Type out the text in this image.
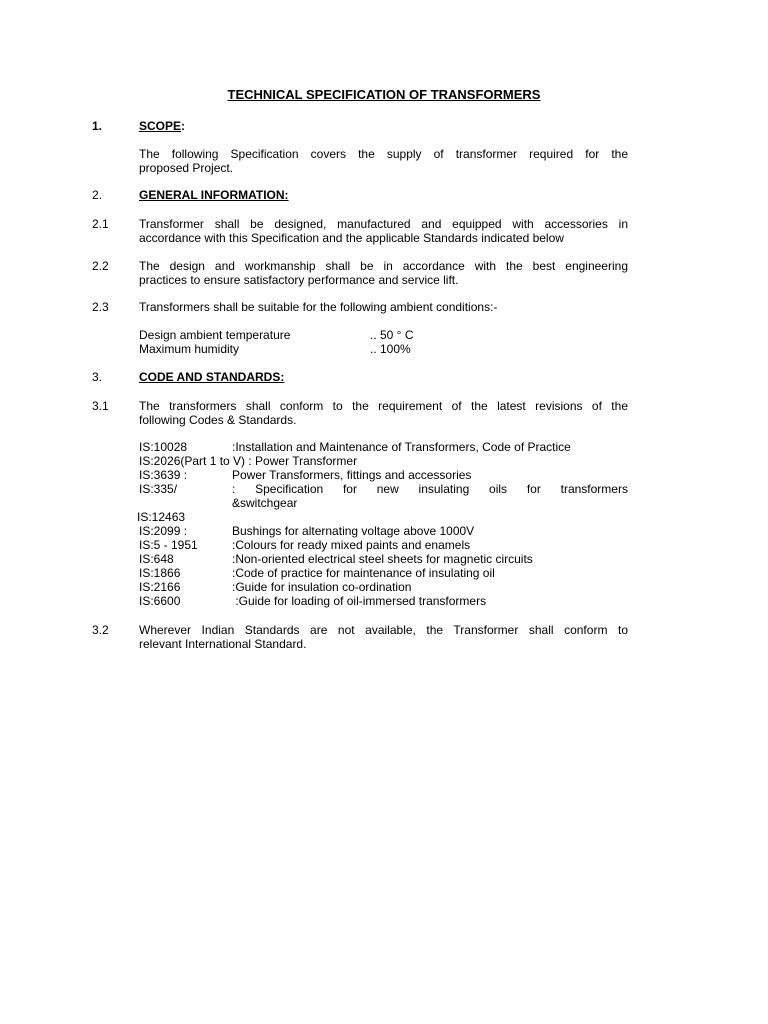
TECHNICAL SPECIFICATION OF TRANSFORMERS
1.	SCOPE:
The following Specification covers the supply of transformer required for the
proposed Project.
2.	GENERAL INFORMATION:
2.1	Transformer shall be designed, manufactured and equipped with accessories in
accordance with this Specification and the applicable Standards indicated below
2.2	The design and workmanship shall be in accordance with the best engineering
practices to ensure satisfactory performance and service lift.
2.3	Transformers shall be suitable for the following ambient conditions:-
Design ambient temperature	.. 50 ° C
Maximum humidity	.. 100%
3.	CODE AND STANDARDS:
3.1	The transformers shall conform to the requirement of the latest revisions of the
following Codes & Standards.
IS:10028	:Installation and Maintenance of Transformers, Code of Practice
IS:2026(Part 1 to V) : Power Transformer
IS:3639 :	Power Transformers, fittings and accessories
IS:335/	: Specification for new insulating oils for transformers
&switchgear
IS:12463
IS:2099 :	Bushings for alternating voltage above 1000V
IS:5 - 1951	:Colours for ready mixed paints and enamels
IS:648	:Non-oriented electrical steel sheets for magnetic circuits
IS:1866	:Code of practice for maintenance of insulating oil
IS:2166	:Guide for insulation co-ordination
IS:6600	:Guide for loading of oil-immersed transformers
3.2	Wherever Indian Standards are not available, the Transformer shall conform to
relevant International Standard.
